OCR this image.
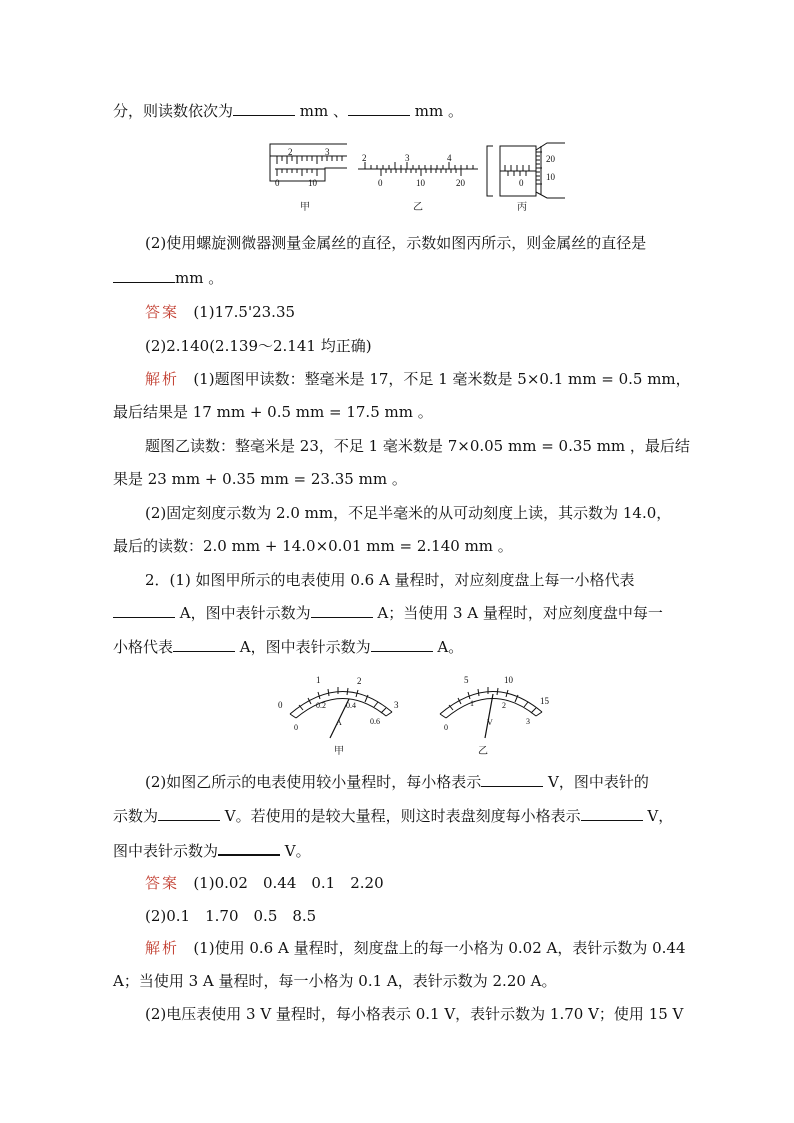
分，则读数依次为	mm 、	mm 。
2	3
0	10
甲
2	3	4
0	10	20
乙
0
20
10
丙
(2)使用螺旋测微器测量金属丝的直径，示数如图丙所示，则金属丝的直径是
mm 。
答案 (1)17.5'23.35
(2)2.140(2.139～2.141 均正确)
解析 (1)题图甲读数：整毫米是 17，不足 1 毫米数是 5×0.1 mm = 0.5 mm，
最后结果是 17 mm + 0.5 mm = 17.5 mm 。
题图乙读数：整毫米是 23，不足 1 毫米数是 7×0.05 mm = 0.35 mm ，最后结
果是 23 mm + 0.35 mm = 23.35 mm 。
(2)固定刻度示数为 2.0 mm，不足半毫米的从可动刻度上读，其示数为 14.0，
最后的读数：2.0 mm + 14.0×0.01 mm = 2.140 mm 。
2．(1) 如图甲所示的电表使用 0.6 A 量程时，对应刻度盘上每一小格代表
A，图中表针示数为	A；当使用 3 A 量程时，对应刻度盘中每一
小格代表	A，图中表针示数为	A。
0
1	2
3
0
0.2	0.4
0.6
A
甲
5	10
15
0
1	2
3
V
乙
(2)如图乙所示的电表使用较小量程时，每小格表示	V，图中表针的
示数为	V。若使用的是较大量程，则这时表盘刻度每小格表示	V，
图中表针示数为	V。
答案 (1)0.02　0.44　0.1　2.20
(2)0.1　1.70　0.5　8.5
解析 (1)使用 0.6 A 量程时，刻度盘上的每一小格为 0.02 A，表针示数为 0.44
A；当使用 3 A 量程时，每一小格为 0.1 A，表针示数为 2.20 A。
(2)电压表使用 3 V 量程时，每小格表示 0.1 V，表针示数为 1.70 V；使用 15 V
